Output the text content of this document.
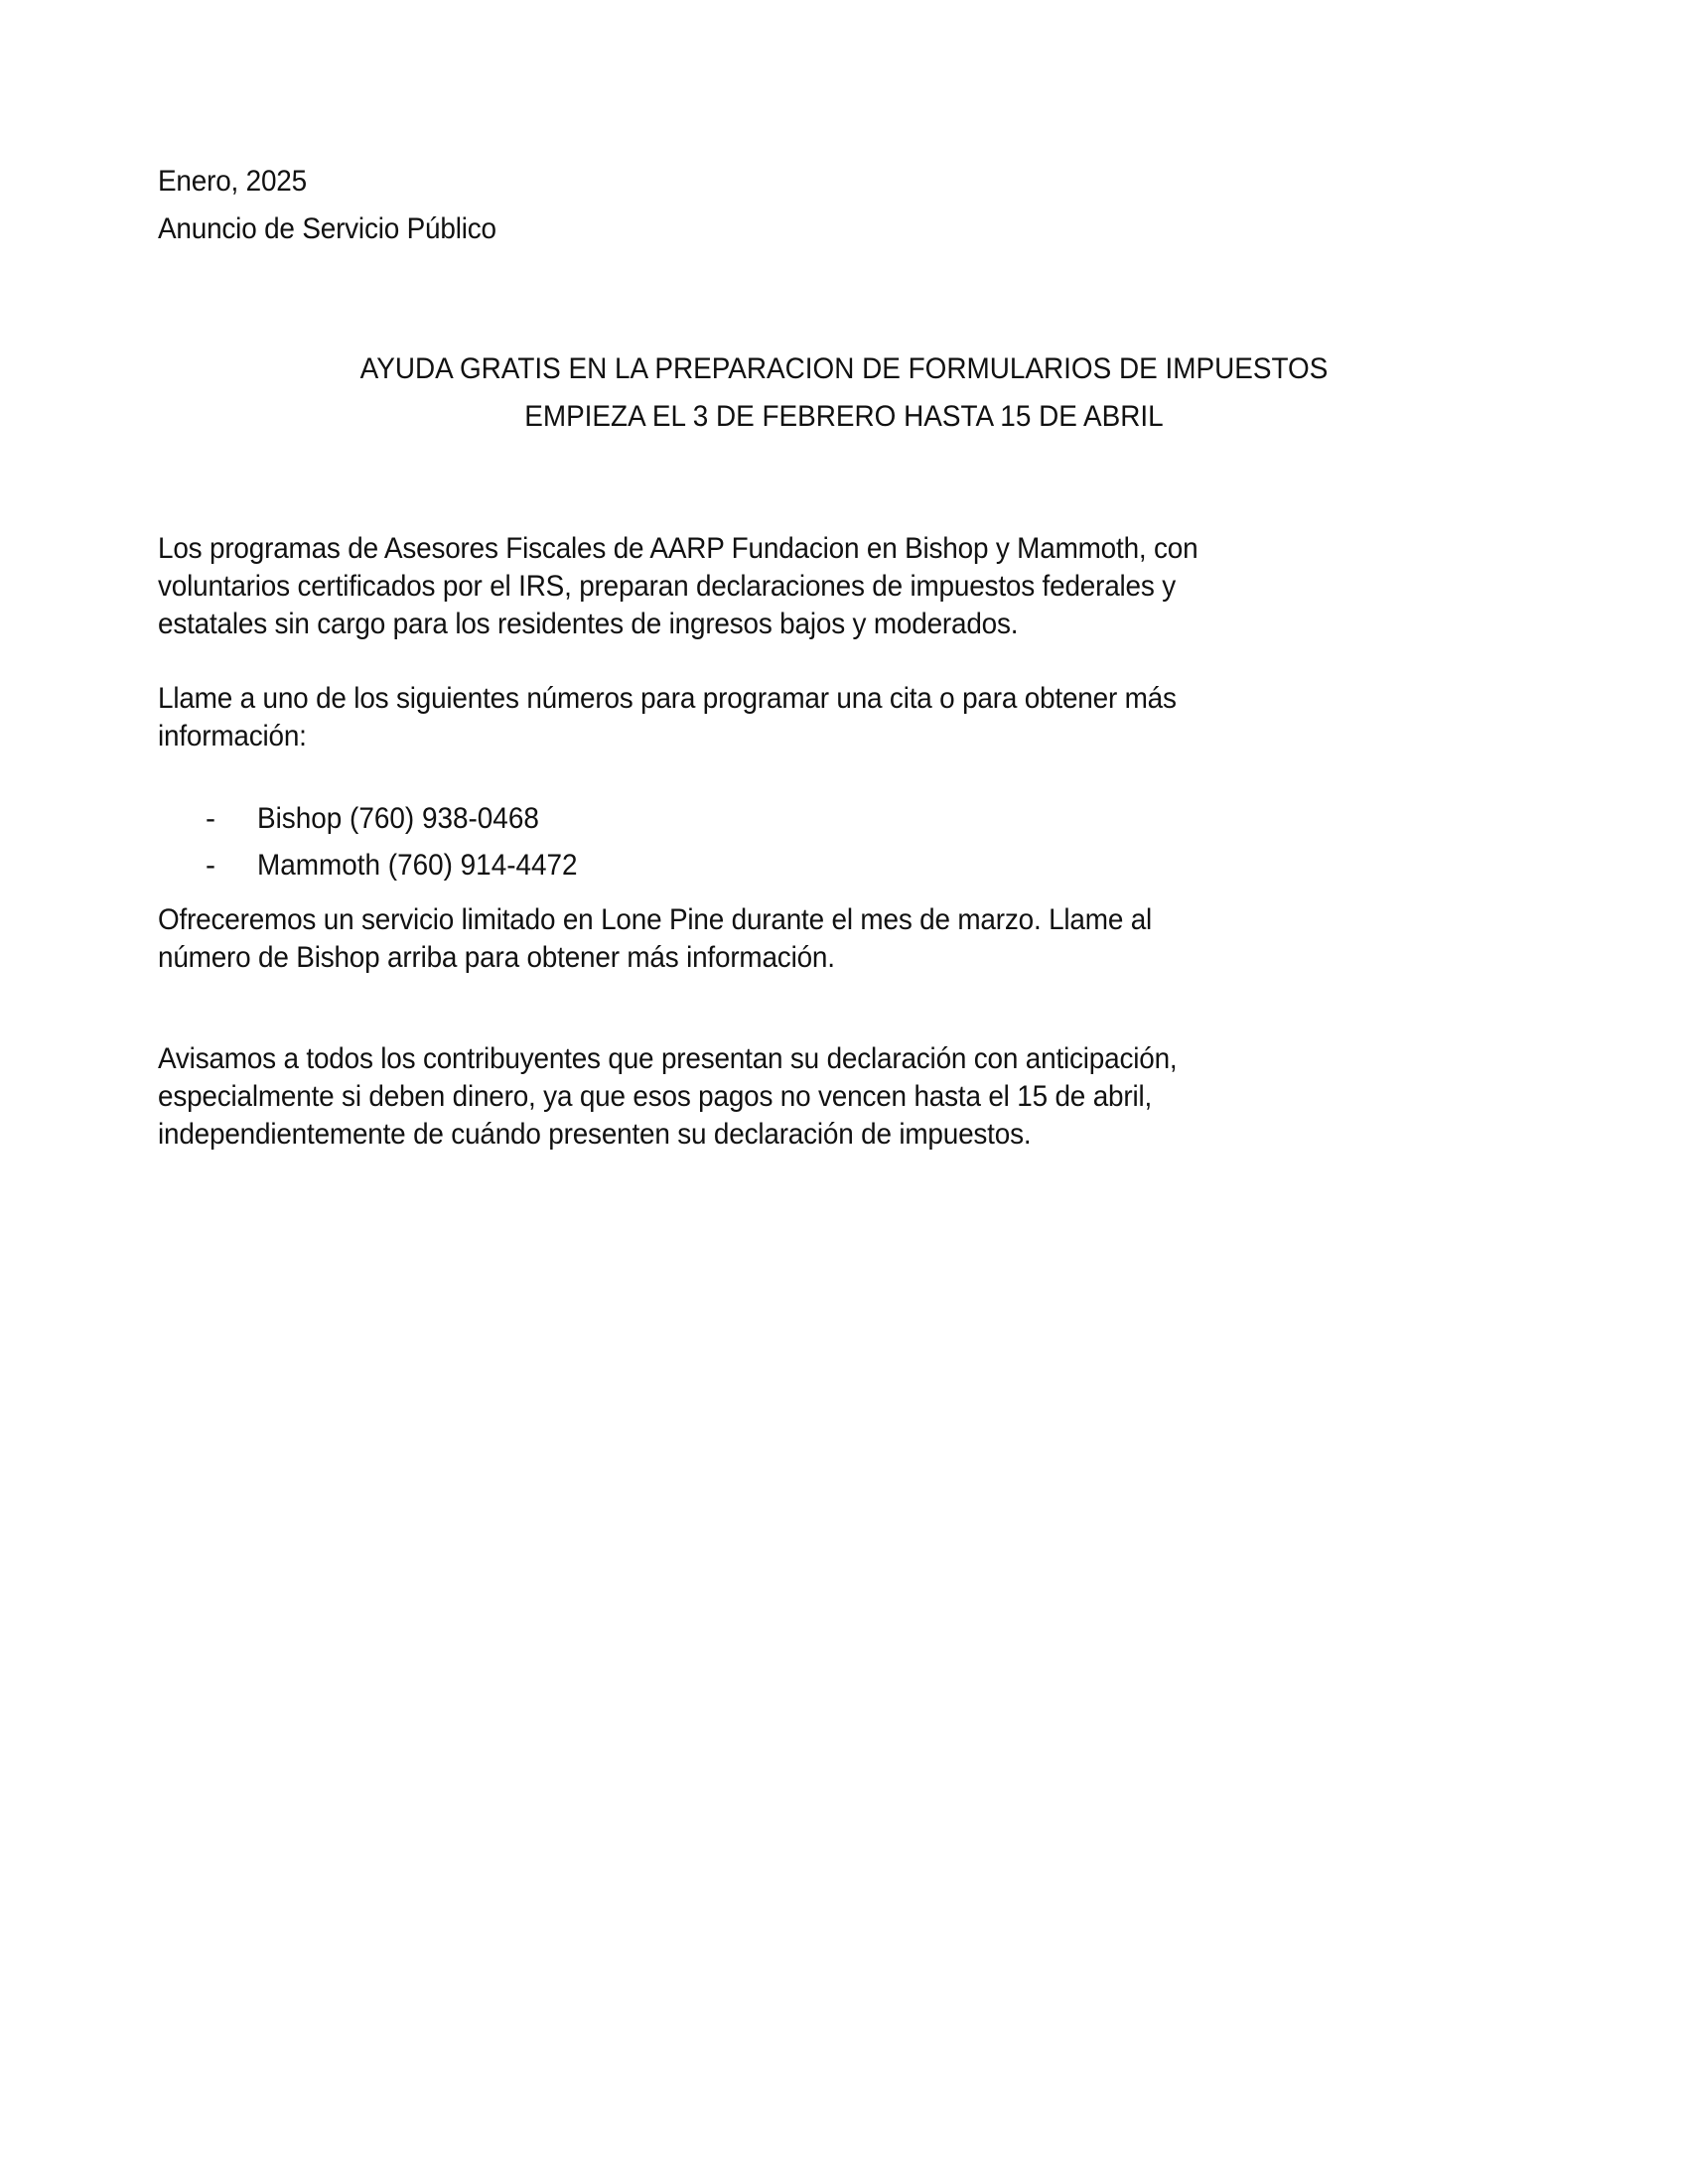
Enero, 2025
Anuncio de Servicio Público
AYUDA GRATIS EN LA PREPARACION DE FORMULARIOS DE IMPUESTOS
EMPIEZA EL 3 DE FEBRERO HASTA 15 DE ABRIL
Los programas de Asesores Fiscales de AARP Fundacion en Bishop y Mammoth, con
voluntarios certificados por el IRS, preparan declaraciones de impuestos federales y
estatales sin cargo para los residentes de ingresos bajos y moderados.
Llame a uno de los siguientes números para programar una cita o para obtener más
información:
- Bishop (760) 938-0468
- Mammoth (760) 914-4472
Ofreceremos un servicio limitado en Lone Pine durante el mes de marzo. Llame al
número de Bishop arriba para obtener más información.
Avisamos a todos los contribuyentes que presentan su declaración con anticipación,
especialmente si deben dinero, ya que esos pagos no vencen hasta el 15 de abril,
independientemente de cuándo presenten su declaración de impuestos.
